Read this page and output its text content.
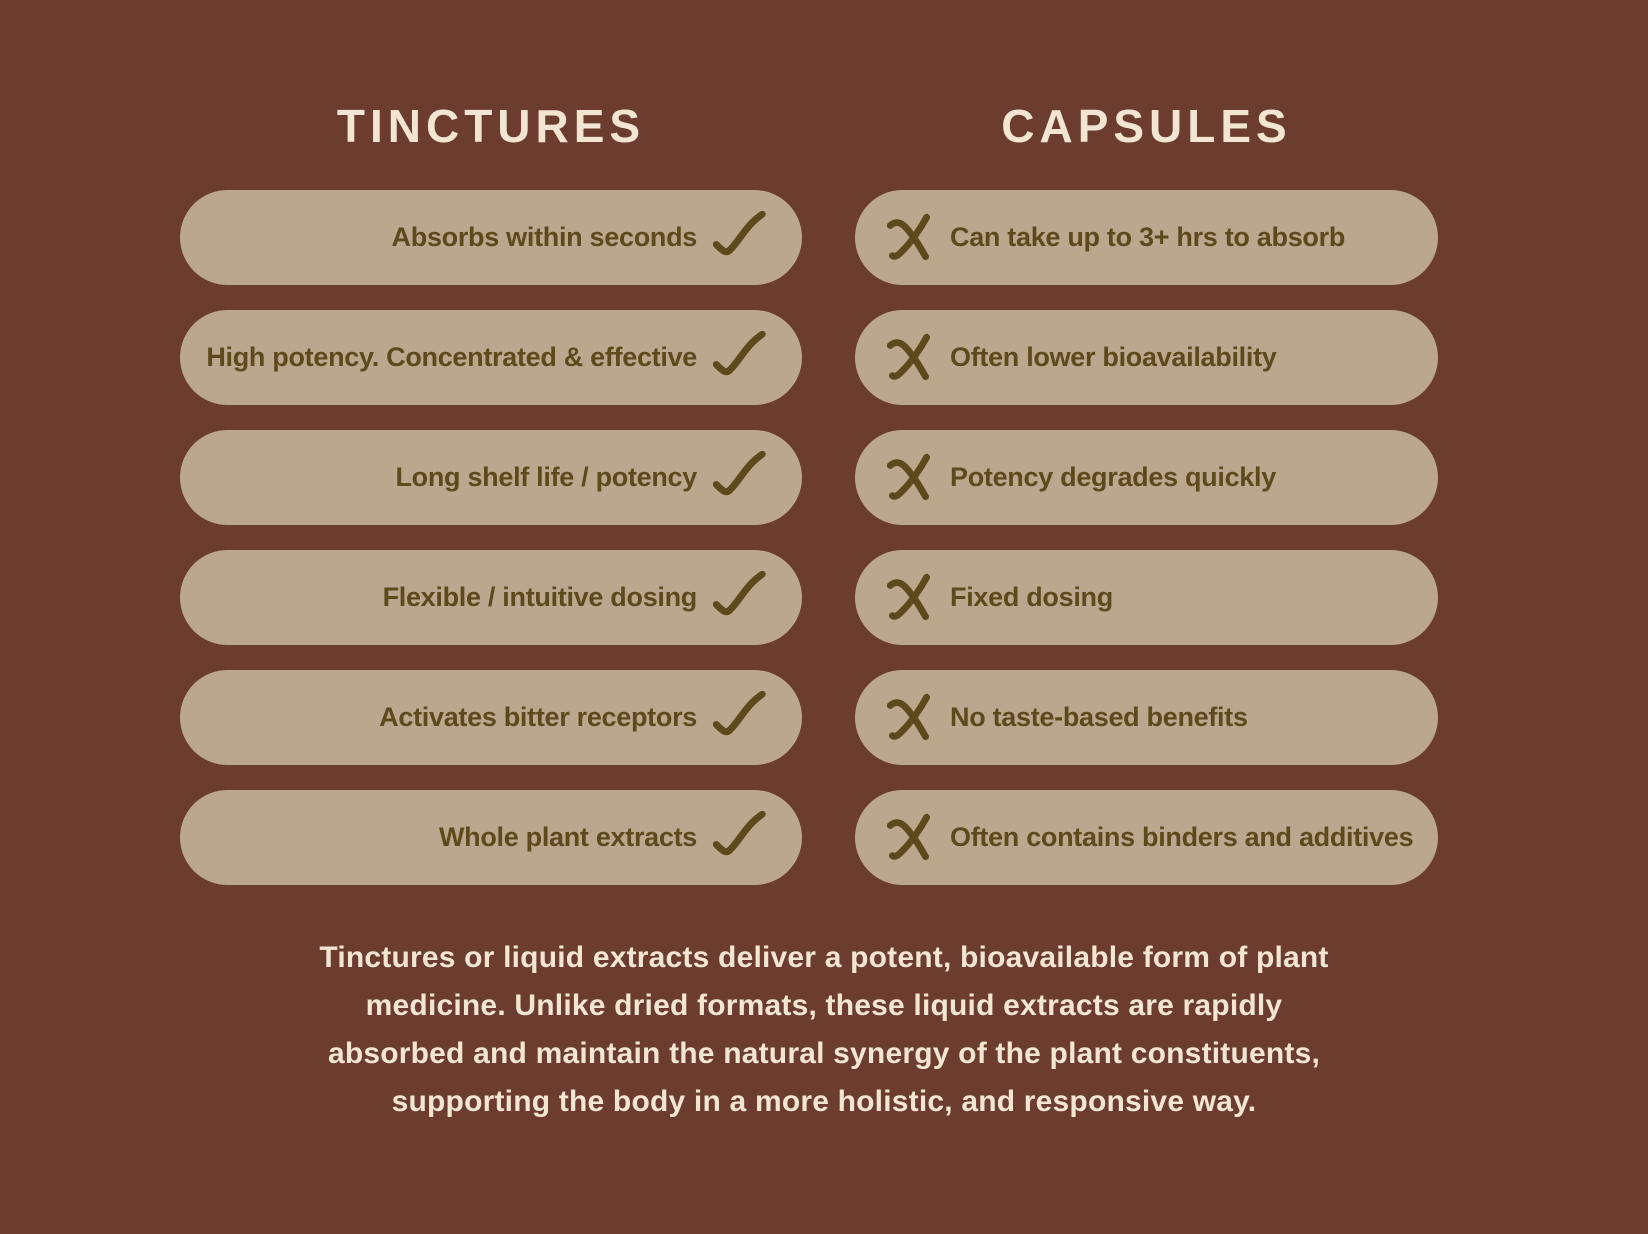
TINCTURES	CAPSULES
Absorbs within seconds	Can take up to 3+ hrs to absorb
High potency. Concentrated & effective	Often lower bioavailability
Long shelf life / potency	Potency degrades quickly
Flexible / intuitive dosing	Fixed dosing
Activates bitter receptors	No taste-based benefits
Whole plant extracts	Often contains binders and additives
Tinctures or liquid extracts deliver a potent, bioavailable form of plant
medicine. Unlike dried formats, these liquid extracts are rapidly
absorbed and maintain the natural synergy of the plant constituents,
supporting the body in a more holistic, and responsive way.
